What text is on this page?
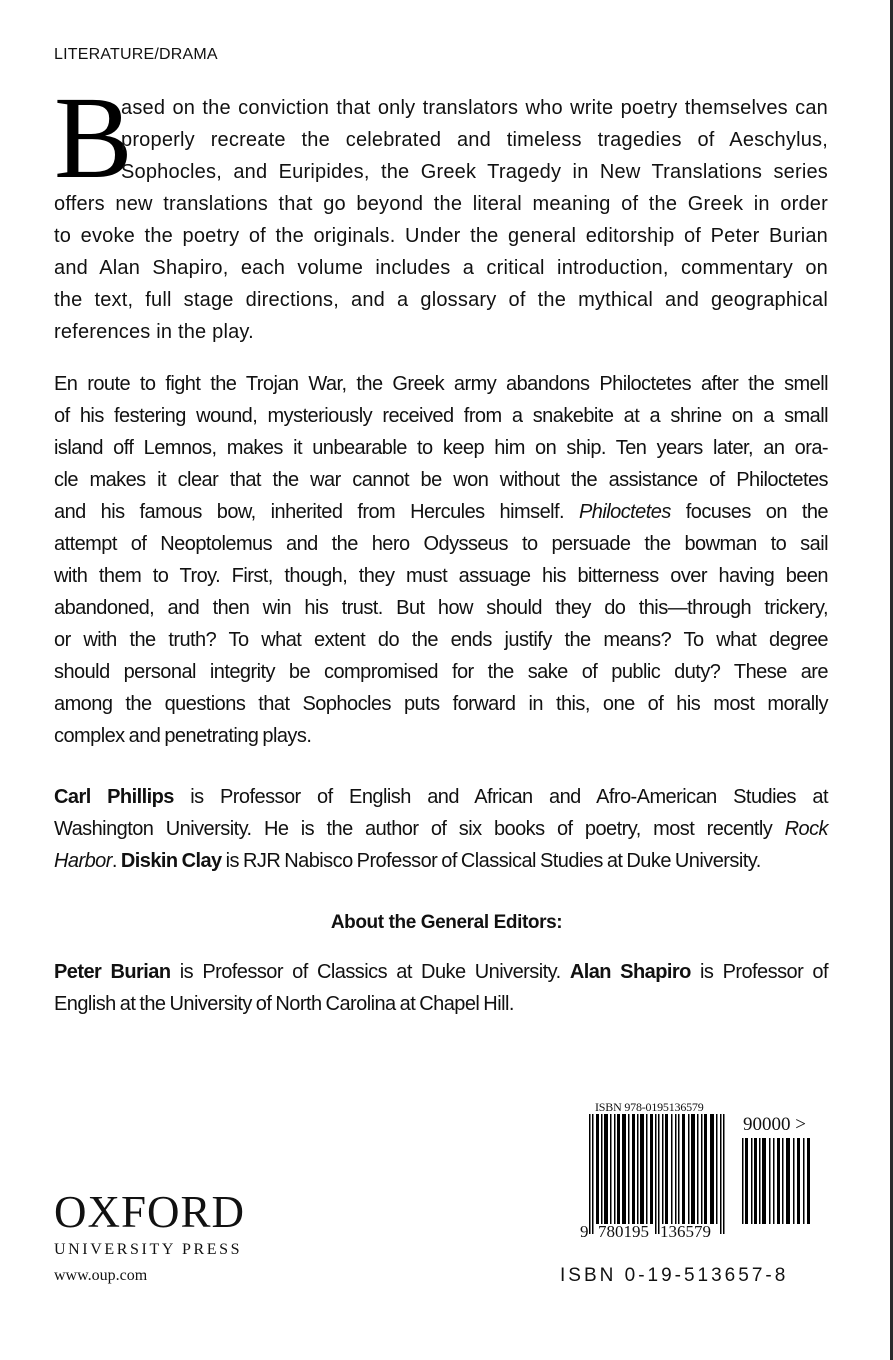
LITERATURE/DRAMA
B
ased on the conviction that only translators who write poetry themselves can
properly recreate the celebrated and timeless tragedies of Aeschylus,
Sophocles, and Euripides, the Greek Tragedy in New Translations series
offers new translations that go beyond the literal meaning of the Greek in order
to evoke the poetry of the originals. Under the general editorship of Peter Burian
and Alan Shapiro, each volume includes a critical introduction, commentary on
the text, full stage directions, and a glossary of the mythical and geographical
references in the play.
En route to fight the Trojan War, the Greek army abandons Philoctetes after the smell
of his festering wound, mysteriously received from a snakebite at a shrine on a small
island off Lemnos, makes it unbearable to keep him on ship. Ten years later, an ora-
cle makes it clear that the war cannot be won without the assistance of Philoctetes
and his famous bow, inherited from Hercules himself. Philoctetes focuses on the
attempt of Neoptolemus and the hero Odysseus to persuade the bowman to sail
with them to Troy. First, though, they must assuage his bitterness over having been
abandoned, and then win his trust. But how should they do this—through trickery,
or with the truth? To what extent do the ends justify the means? To what degree
should personal integrity be compromised for the sake of public duty? These are
among the questions that Sophocles puts forward in this, one of his most morally
complex and penetrating plays.
Carl Phillips is Professor of English and African and Afro-American Studies at
Washington University. He is the author of six books of poetry, most recently Rock
Harbor. Diskin Clay is RJR Nabisco Professor of Classical Studies at Duke University.
About the General Editors:
Peter Burian is Professor of Classics at Duke University. Alan Shapiro is Professor of
English at the University of North Carolina at Chapel Hill.
OXFORD
UNIVERSITY PRESS
www.oup.com
ISBN 978-0195136579
90000 >
9 780195 136579
ISBN 0-19-513657-8
